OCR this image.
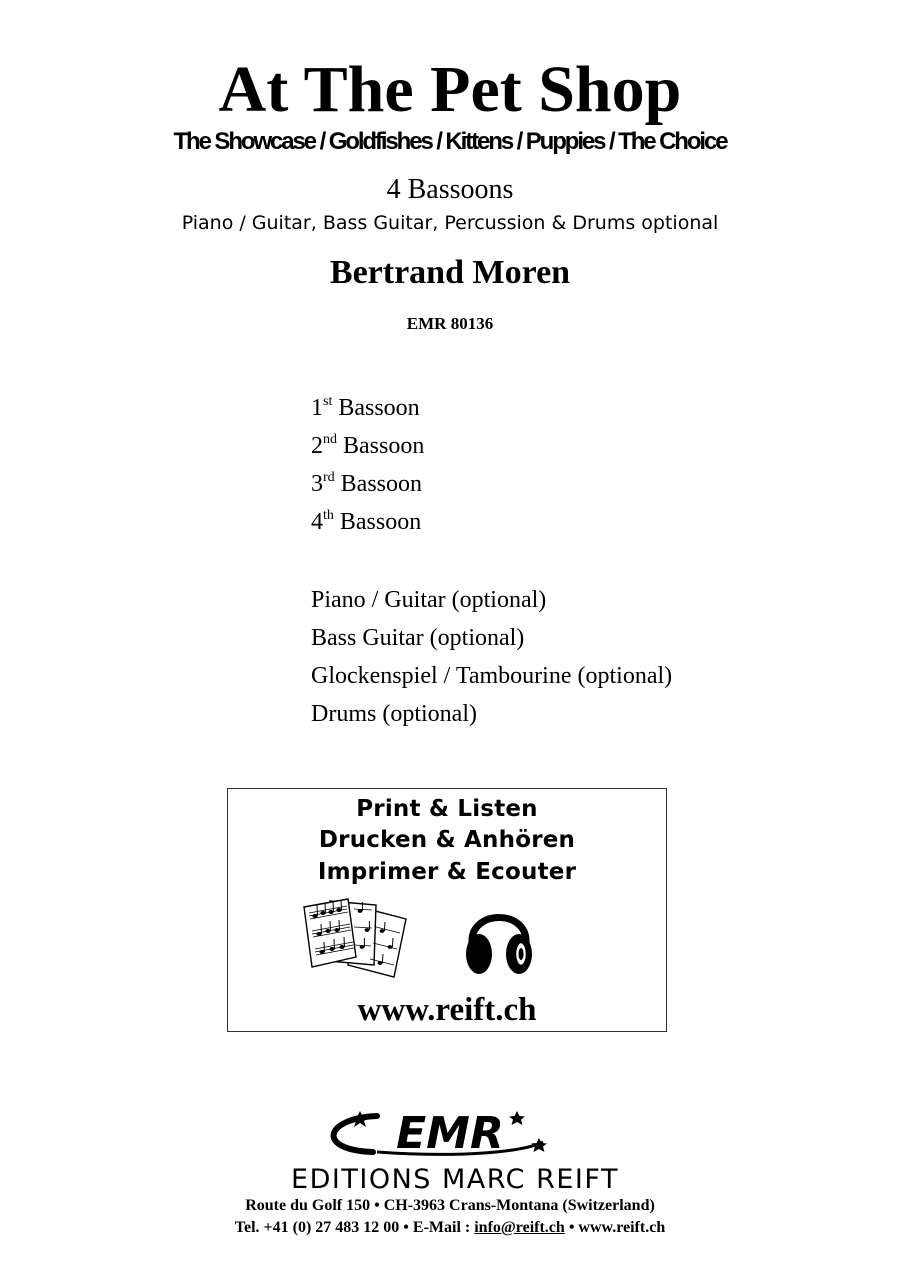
At The Pet Shop
The Showcase / Goldfishes / Kittens / Puppies / The Choice
4 Bassoons
Piano / Guitar, Bass Guitar, Percussion & Drums optional
Bertrand Moren
EMR 80136
1st Bassoon
2nd Bassoon
3rd Bassoon
4th Bassoon
Piano / Guitar (optional)
Bass Guitar (optional)
Glockenspiel / Tambourine (optional)
Drums (optional)
Print & Listen
Drucken & Anhören
Imprimer & Ecouter
www.reift.ch
EMR
EDITIONS MARC REIFT
Route du Golf 150 • CH-3963 Crans-Montana (Switzerland)
Tel. +41 (0) 27 483 12 00 • E-Mail : info@reift.ch • www.reift.ch
